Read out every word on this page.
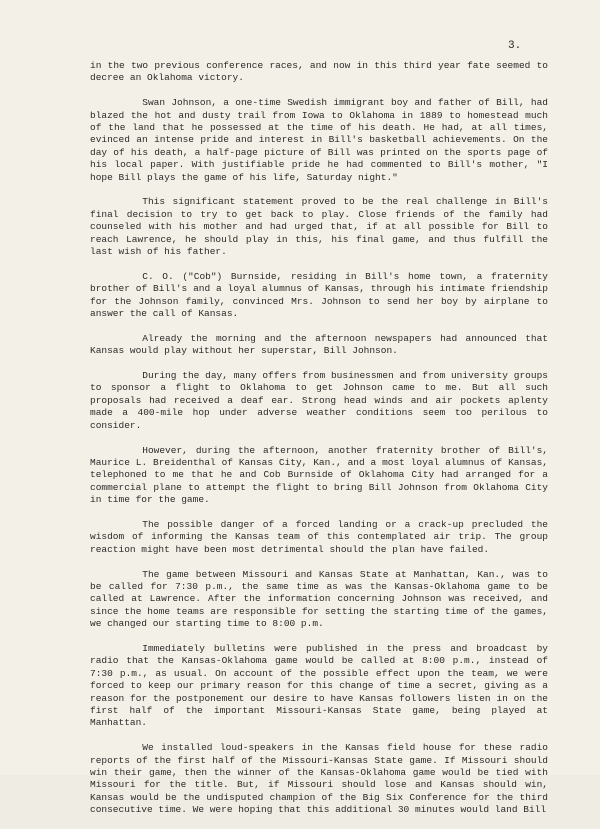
3.

in the two previous conference races, and now in this third year fate seemed to decree an Oklahoma victory.

Swan Johnson, a one-time Swedish immigrant boy and father of Bill, had blazed the hot and dusty trail from Iowa to Oklahoma in 1889 to homestead much of the land that he possessed at the time of his death. He had, at all times, evinced an intense pride and interest in Bill's basketball achievements. On the day of his death, a half-page picture of Bill was printed on the sports page of his local paper. With justifiable pride he had commented to Bill's mother, "I hope Bill plays the game of his life, Saturday night."

This significant statement proved to be the real challenge in Bill's final decision to try to get back to play. Close friends of the family had counseled with his mother and had urged that, if at all possible for Bill to reach Lawrence, he should play in this, his final game, and thus fulfill the last wish of his father.

C. O. ("Cob") Burnside, residing in Bill's home town, a fraternity brother of Bill's and a loyal alumnus of Kansas, through his intimate friendship for the Johnson family, convinced Mrs. Johnson to send her boy by airplane to answer the call of Kansas.

Already the morning and the afternoon newspapers had announced that Kansas would play without her superstar, Bill Johnson.

During the day, many offers from businessmen and from university groups to sponsor a flight to Oklahoma to get Johnson came to me. But all such proposals had received a deaf ear. Strong head winds and air pockets aplenty made a 400-mile hop under adverse weather conditions seem too perilous to consider.

However, during the afternoon, another fraternity brother of Bill's, Maurice L. Breidenthal of Kansas City, Kan., and a most loyal alumnus of Kansas, telephoned to me that he and Cob Burnside of Oklahoma City had arranged for a commercial plane to attempt the flight to bring Bill Johnson from Oklahoma City in time for the game.

The possible danger of a forced landing or a crack-up precluded the wisdom of informing the Kansas team of this contemplated air trip. The group reaction might have been most detrimental should the plan have failed.

The game between Missouri and Kansas State at Manhattan, Kan., was to be called for 7:30 p.m., the same time as was the Kansas-Oklahoma game to be called at Lawrence. After the information concerning Johnson was received, and since the home teams are responsible for setting the starting time of the games, we changed our starting time to 8:00 p.m.

Immediately bulletins were published in the press and broadcast by radio that the Kansas-Oklahoma game would be called at 8:00 p.m., instead of 7:30 p.m., as usual. On account of the possible effect upon the team, we were forced to keep our primary reason for this change of time a secret, giving as a reason for the postponement our desire to have Kansas followers listen in on the first half of the important Missouri-Kansas State game, being played at Manhattan.

We installed loud-speakers in the Kansas field house for these radio reports of the first half of the Missouri-Kansas State game. If Missouri should win their game, then the winner of the Kansas-Oklahoma game would be tied with Missouri for the title. But, if Missouri should lose and Kansas should win, Kansas would be the undisputed champion of the Big Six Conference for the third consecutive time. We were hoping that this additional 30 minutes would land Bill
